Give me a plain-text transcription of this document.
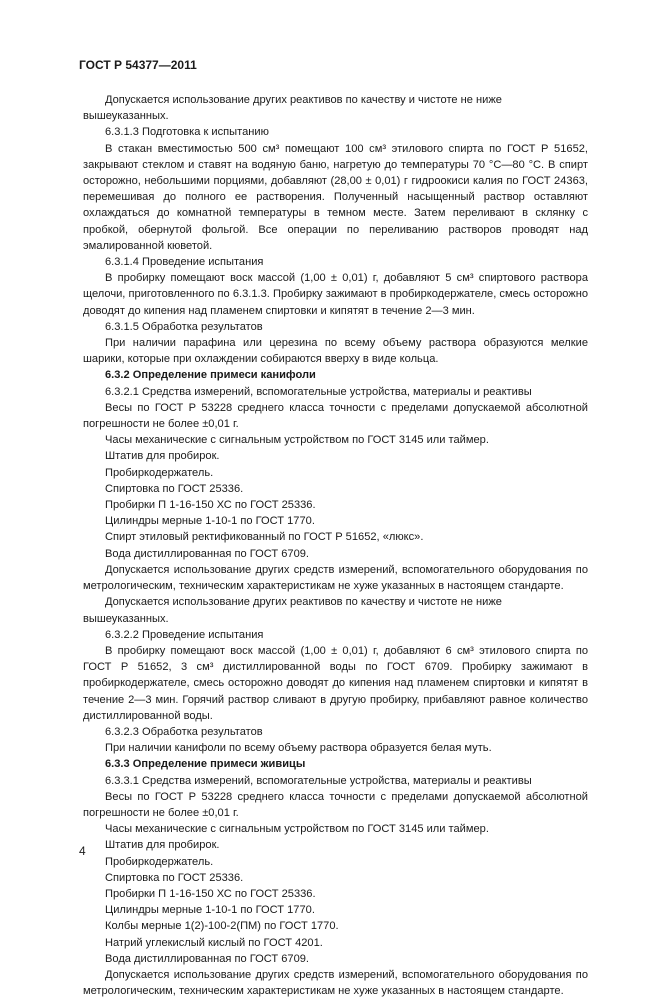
ГОСТ Р 54377—2011

Допускается использование других реактивов по качеству и чистоте не ниже вышеуказанных.

6.3.1.3 Подготовка к испытанию

В стакан вместимостью 500 см³ помещают 100 см³ этилового спирта по ГОСТ Р 51652, закрывают стеклом и ставят на водяную баню, нагретую до температуры 70 °С—80 °С. В спирт осторожно, небольшими порциями, добавляют (28,00 ± 0,01) г гидроокиси калия по ГОСТ 24363, перемешивая до полного ее растворения. Полученный насыщенный раствор оставляют охлаждаться до комнатной температуры в темном месте. Затем переливают в склянку с пробкой, обернутой фольгой. Все операции по переливанию растворов проводят над эмалированной кюветой.

6.3.1.4 Проведение испытания

В пробирку помещают воск массой (1,00 ± 0,01) г, добавляют 5 см³ спиртового раствора щелочи, приготовленного по 6.3.1.3. Пробирку зажимают в пробиркодержателе, смесь осторожно доводят до кипения над пламенем спиртовки и кипятят в течение 2—3 мин.

6.3.1.5 Обработка результатов

При наличии парафина или церезина по всему объему раствора образуются мелкие шарики, которые при охлаждении собираются вверху в виде кольца.

6.3.2 Определение примеси канифоли

6.3.2.1 Средства измерений, вспомогательные устройства, материалы и реактивы

Весы по ГОСТ Р 53228 среднего класса точности с пределами допускаемой абсолютной погрешности не более ±0,01 г.

Часы механические с сигнальным устройством по ГОСТ 3145 или таймер.

Штатив для пробирок.

Пробиркодержатель.

Спиртовка по ГОСТ 25336.

Пробирки П 1-16-150 ХС по ГОСТ 25336.

Цилиндры мерные 1-10-1 по ГОСТ 1770.

Спирт этиловый ректификованный по ГОСТ Р 51652, «люкс».

Вода дистиллированная по ГОСТ 6709.

Допускается использование других средств измерений, вспомогательного оборудования по метрологическим, техническим характеристикам не хуже указанных в настоящем стандарте.

Допускается использование других реактивов по качеству и чистоте не ниже вышеуказанных.

6.3.2.2 Проведение испытания

В пробирку помещают воск массой (1,00 ± 0,01) г, добавляют 6 см³ этилового спирта по ГОСТ Р 51652, 3 см³ дистиллированной воды по ГОСТ 6709. Пробирку зажимают в пробиркодержателе, смесь осторожно доводят до кипения над пламенем спиртовки и кипятят в течение 2—3 мин. Горячий раствор сливают в другую пробирку, прибавляют равное количество дистиллированной воды.

6.3.2.3 Обработка результатов

При наличии канифоли по всему объему раствора образуется белая муть.

6.3.3 Определение примеси живицы

6.3.3.1 Средства измерений, вспомогательные устройства, материалы и реактивы

Весы по ГОСТ Р 53228 среднего класса точности с пределами допускаемой абсолютной погрешности не более ±0,01 г.

Часы механические с сигнальным устройством по ГОСТ 3145 или таймер.

Штатив для пробирок.

Пробиркодержатель.

Спиртовка по ГОСТ 25336.

Пробирки П 1-16-150 ХС по ГОСТ 25336.

Цилиндры мерные 1-10-1 по ГОСТ 1770.

Колбы мерные 1(2)-100-2(ПМ) по ГОСТ 1770.

Натрий углекислый кислый по ГОСТ 4201.

Вода дистиллированная по ГОСТ 6709.

Допускается использование других средств измерений, вспомогательного оборудования по метрологическим, техническим характеристикам не хуже указанных в настоящем стандарте.

4
